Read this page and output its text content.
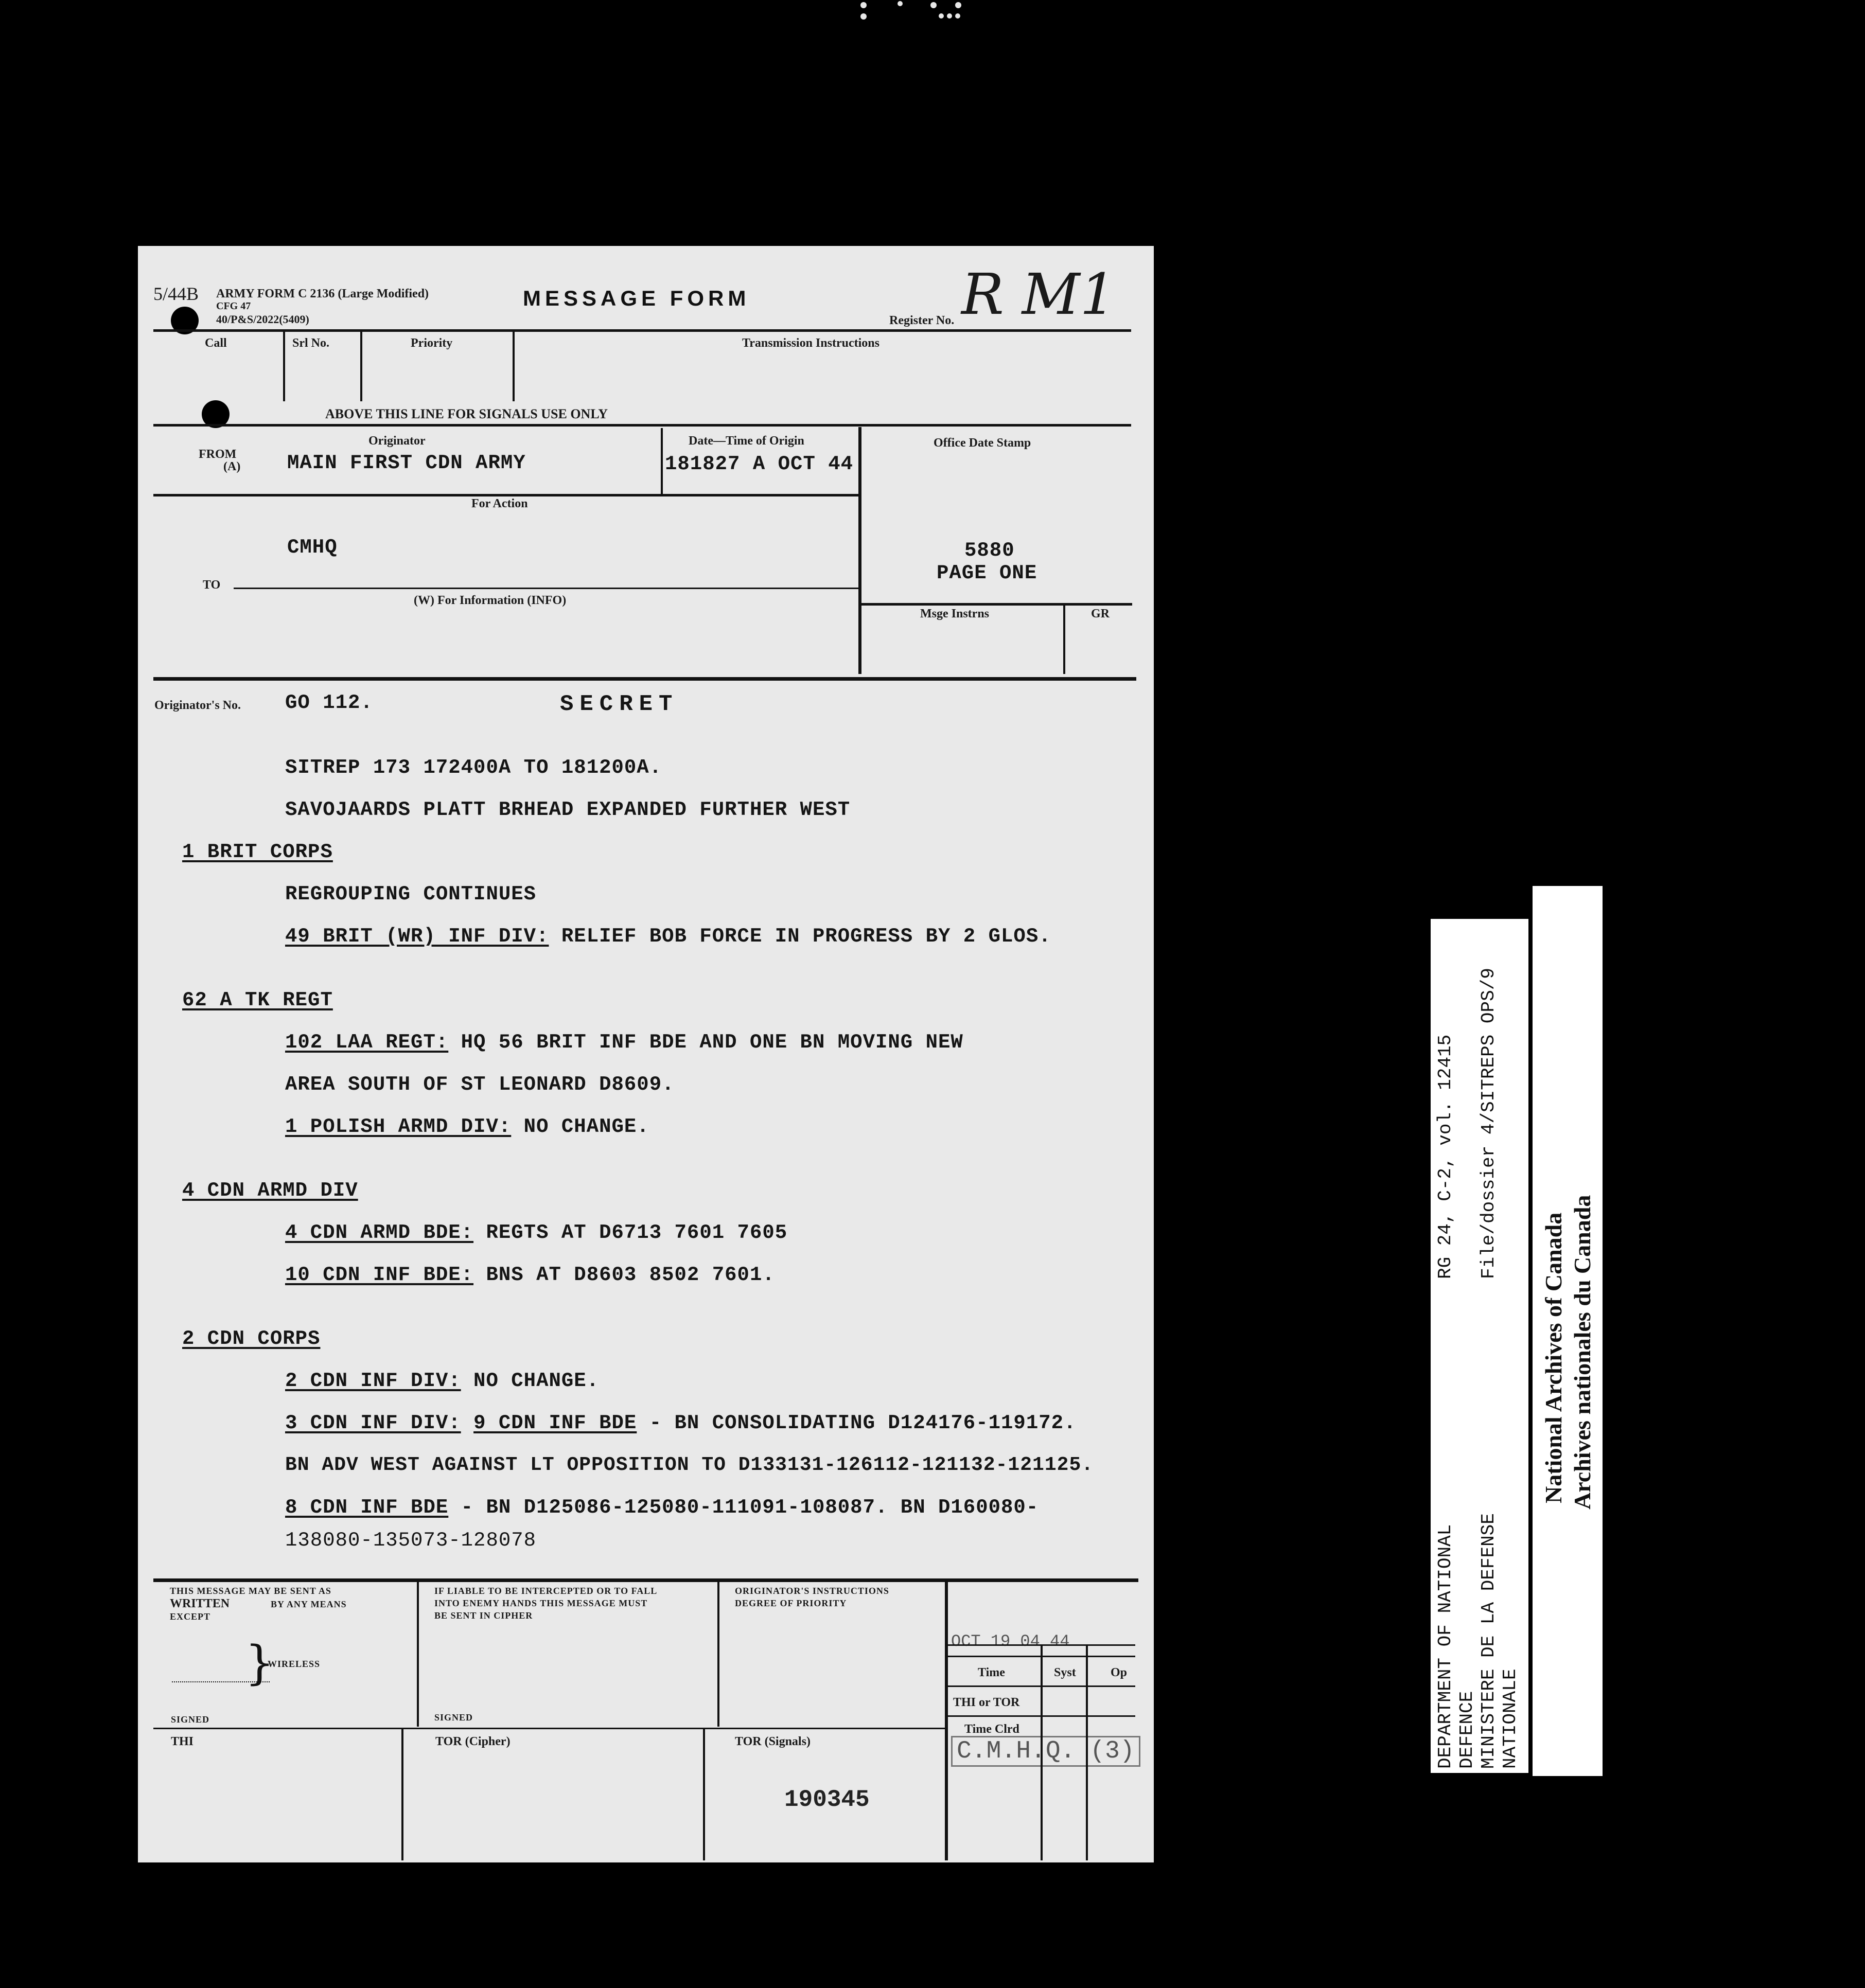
5/44B ARMY FORM C 2136 (Large Modified)
CFG 47
40/P&S/2022(5409)
MESSAGE FORM
Register No. R M1
Call	Srl No.	Priority	Transmission Instructions
ABOVE THIS LINE FOR SIGNALS USE ONLY
Originator
FROM
(A) MAIN FIRST CDN ARMY
Date—Time of Origin
181827 A OCT 44
Office Date Stamp
5880
PAGE ONE
For Action
CMHQ
TO
(W) For Information (INFO)
Msge Instrns	GR
Originator's No. GO 112.	SECRET
SITREP 173 172400A TO 181200A.
SAVOJAARDS PLATT BRHEAD EXPANDED FURTHER WEST
1 BRIT CORPS
REGROUPING CONTINUES
49 BRIT (WR) INF DIV: RELIEF BOB FORCE IN PROGRESS BY 2 GLOS.
62 A TK REGT
102 LAA REGT: HQ 56 BRIT INF BDE AND ONE BN MOVING NEW
AREA SOUTH OF ST LEONARD D8609.
1 POLISH ARMD DIV: NO CHANGE.
4 CDN ARMD DIV
4 CDN ARMD BDE: REGTS AT D6713 7601 7605
10 CDN INF BDE: BNS AT D8603 8502 7601.
2 CDN CORPS
2 CDN INF DIV: NO CHANGE.
3 CDN INF DIV: 9 CDN INF BDE - BN CONSOLIDATING D124176-119172.
BN ADV WEST AGAINST LT OPPOSITION TO D133131-126112-121132-121125.
8 CDN INF BDE - BN D125086-125080-111091-108087. BN D160080-
138080-135073-128078
THIS MESSAGE MAY BE SENT AS
WRITTEN	BY ANY MEANS
EXCEPT
}
WIRELESS
SIGNED
IF LIABLE TO BE INTERCEPTED OR TO FALL
INTO ENEMY HANDS THIS MESSAGE MUST
BE SENT IN CIPHER
SIGNED
ORIGINATOR'S INSTRUCTIONS
DEGREE OF PRIORITY
OCT 19 04 44
Time	Syst	Op
THI or TOR
Time Clrd
C.M.H.Q. (3)
THI	TOR (Cipher)	TOR (Signals)
190345
DEPARTMENT OF NATIONAL DEFENCE MINISTERE DE LA DEFENSE NATIONALE
RG 24, C-2, vol. 12415 File/dossier 4/SITREPS OPS/9
National Archives of Canada Archives nationales du Canada
